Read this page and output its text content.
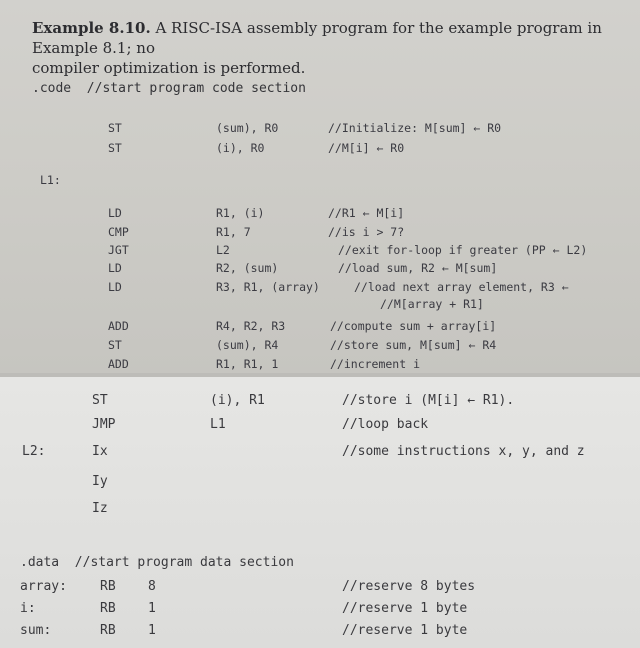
Example 8.10. A RISC-ISA assembly program for the example program in Example 8.1; no
compiler optimization is performed.
.code  //start program code section
ST	(sum), R0	//Initialize: M[sum] ← R0
ST	(i), R0	//M[i] ← R0
L1:
LD	R1, (i)	//R1 ← M[i]
CMP	R1, 7	//is i > 7?
JGT	L2	//exit for-loop if greater (PP ← L2)
LD	R2, (sum)	//load sum, R2 ← M[sum]
LD	R3, R1, (array)	//load next array element, R3 ←
//M[array + R1]
ADD	R4, R2, R3	//compute sum + array[i]
ST	(sum), R4	//store sum, M[sum] ← R4
ADD	R1, R1, 1	//increment i
ST	(i), R1	//store i (M[i] ← R1).
JMP	L1	//loop back
L2:	Ix	//some instructions x, y, and z
Iy
Iz
.data  //start program data section
array:	RB 8	//reserve 8 bytes
i:	RB 1	//reserve 1 byte
sum:	RB 1	//reserve 1 byte
